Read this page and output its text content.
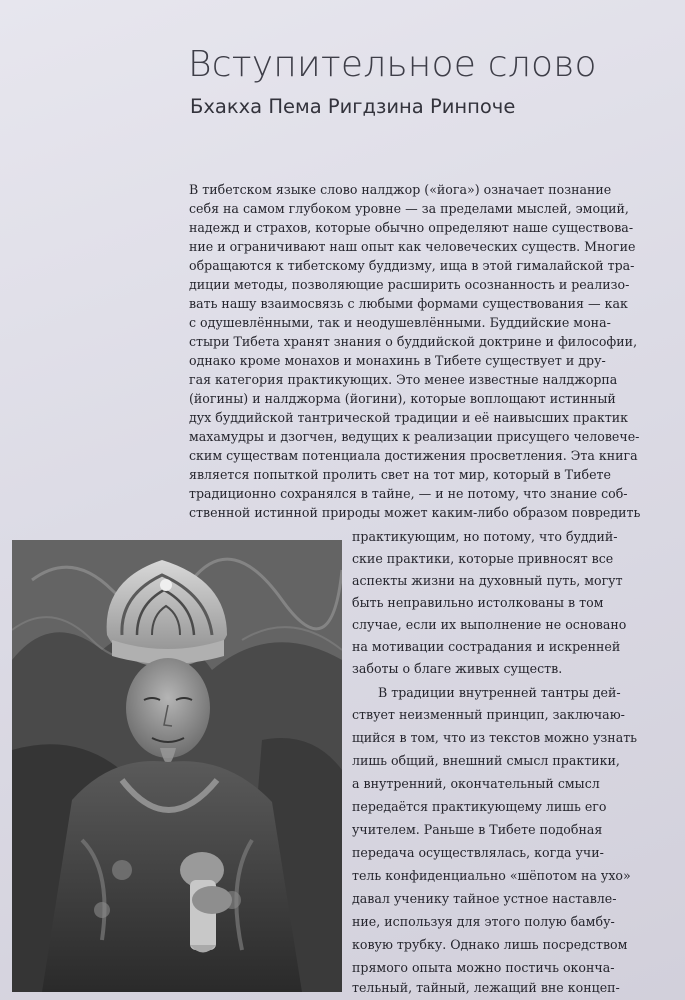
Вступительное слово
Бхакха Пема Ригдзина Ринпоче
В тибетском языке слово налджор («йога») означает познание
себя на самом глубоком уровне — за пределами мыслей, эмоций,
надежд и страхов, которые обычно определяют наше существова-
ние и ограничивают наш опыт как человеческих существ. Многие
обращаются к тибетскому буддизму, ища в этой гималайской тра-
диции методы, позволяющие расширить осознанность и реализо-
вать нашу взаимосвязь с любыми формами существования — как
с одушевлёнными, так и неодушевлёнными. Буддийские мона-
стыри Тибета хранят знания о буддийской доктрине и философии,
однако кроме монахов и монахинь в Тибете существует и дру-
гая категория практикующих. Это менее известные налджорпа
(йогины) и налджорма (йогини), которые воплощают истинный
дух буддийской тантрической традиции и её наивысших практик
махамудры и дзогчен, ведущих к реализации присущего человече-
ским существам потенциала достижения просветления. Эта книга
является попыткой пролить свет на тот мир, который в Тибете
традиционно сохранялся в тайне, — и не потому, что знание соб-
ственной истинной природы может каким-либо образом повредить
практикующим, но потому, что буддий-
ские практики, которые привносят все
аспекты жизни на духовный путь, могут
быть неправильно истолкованы в том
случае, если их выполнение не основано
на мотивации сострадания и искренней
заботы о благе живых существ.
В традиции внутренней тантры дей-
ствует неизменный принцип, заключаю-
щийся в том, что из текстов можно узнать
лишь общий, внешний смысл практики,
а внутренний, окончательный смысл
передаётся практикующему лишь его
учителем. Раньше в Тибете подобная
передача осуществлялась, когда учи-
тель конфиденциально «шёпотом на ухо»
давал ученику тайное устное наставле-
ние, используя для этого полую бамбу-
ковую трубку. Однако лишь посредством
прямого опыта можно постичь оконча-
тельный, тайный, лежащий вне концеп-
